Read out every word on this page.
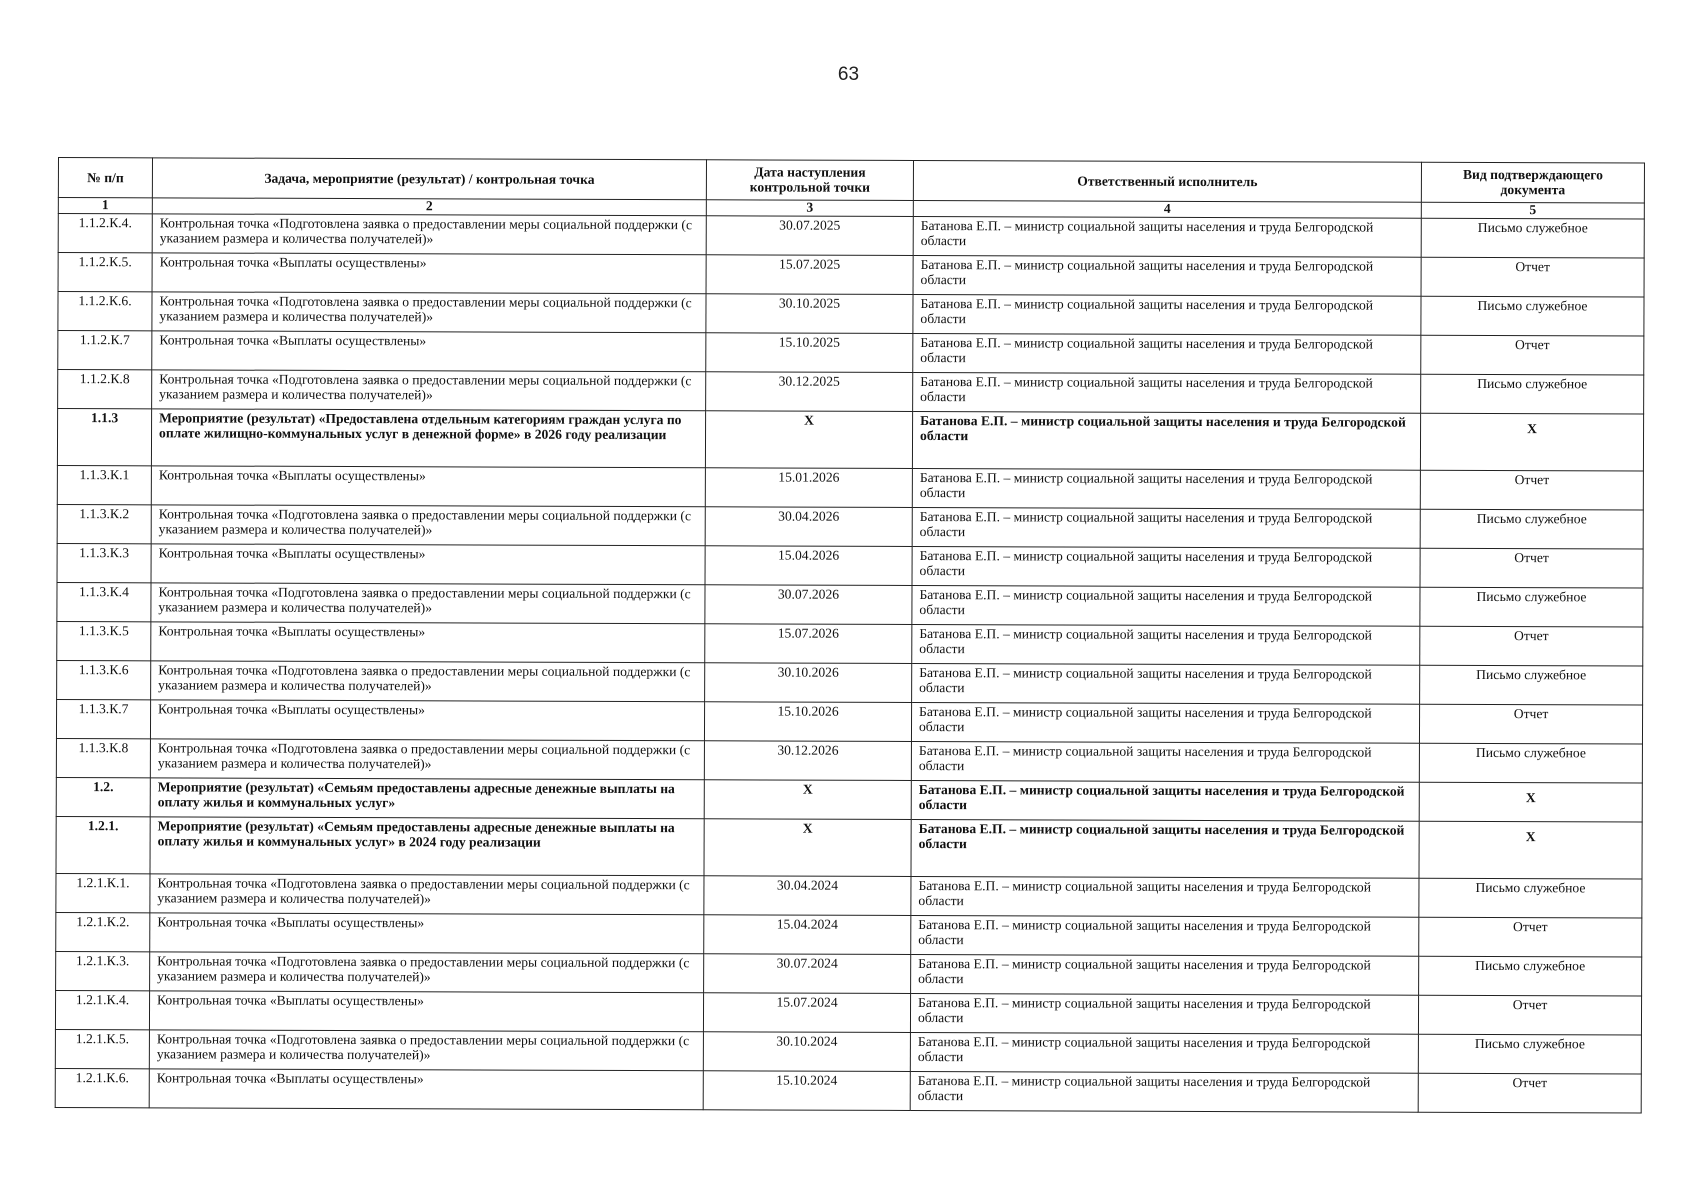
63
№ п/п	Задача, мероприятие (результат) / контрольная точка	Дата наступления контрольной точки	Ответственный исполнитель	Вид подтверждающего документа
1	2	3	4	5
1.1.2.К.4.	Контрольная точка «Подготовлена заявка о предоставлении меры социальной поддержки (с указанием размера и количества получателей)»	30.07.2025	Батанова Е.П. – министр социальной защиты населения и труда Белгородской области	Письмо служебное
1.1.2.К.5.	Контрольная точка «Выплаты осуществлены»	15.07.2025	Батанова Е.П. – министр социальной защиты населения и труда Белгородской области	Отчет
1.1.2.К.6.	Контрольная точка «Подготовлена заявка о предоставлении меры социальной поддержки (с указанием размера и количества получателей)»	30.10.2025	Батанова Е.П. – министр социальной защиты населения и труда Белгородской области	Письмо служебное
1.1.2.К.7	Контрольная точка «Выплаты осуществлены»	15.10.2025	Батанова Е.П. – министр социальной защиты населения и труда Белгородской области	Отчет
1.1.2.К.8	Контрольная точка «Подготовлена заявка о предоставлении меры социальной поддержки (с указанием размера и количества получателей)»	30.12.2025	Батанова Е.П. – министр социальной защиты населения и труда Белгородской области	Письмо служебное
1.1.3	Мероприятие (результат) «Предоставлена отдельным категориям граждан услуга по оплате жилищно-коммунальных услуг в денежной форме» в 2026 году реализации	Х	Батанова Е.П. – министр социальной защиты населения и труда Белгородской области	Х
1.1.3.К.1	Контрольная точка «Выплаты осуществлены»	15.01.2026	Батанова Е.П. – министр социальной защиты населения и труда Белгородской области	Отчет
1.1.3.К.2	Контрольная точка «Подготовлена заявка о предоставлении меры социальной поддержки (с указанием размера и количества получателей)»	30.04.2026	Батанова Е.П. – министр социальной защиты населения и труда Белгородской области	Письмо служебное
1.1.3.К.3	Контрольная точка «Выплаты осуществлены»	15.04.2026	Батанова Е.П. – министр социальной защиты населения и труда Белгородской области	Отчет
1.1.3.К.4	Контрольная точка «Подготовлена заявка о предоставлении меры социальной поддержки (с указанием размера и количества получателей)»	30.07.2026	Батанова Е.П. – министр социальной защиты населения и труда Белгородской области	Письмо служебное
1.1.3.К.5	Контрольная точка «Выплаты осуществлены»	15.07.2026	Батанова Е.П. – министр социальной защиты населения и труда Белгородской области	Отчет
1.1.3.К.6	Контрольная точка «Подготовлена заявка о предоставлении меры социальной поддержки (с указанием размера и количества получателей)»	30.10.2026	Батанова Е.П. – министр социальной защиты населения и труда Белгородской области	Письмо служебное
1.1.3.К.7	Контрольная точка «Выплаты осуществлены»	15.10.2026	Батанова Е.П. – министр социальной защиты населения и труда Белгородской области	Отчет
1.1.3.К.8	Контрольная точка «Подготовлена заявка о предоставлении меры социальной поддержки (с указанием размера и количества получателей)»	30.12.2026	Батанова Е.П. – министр социальной защиты населения и труда Белгородской области	Письмо служебное
1.2.	Мероприятие (результат) «Семьям предоставлены адресные денежные выплаты на оплату жилья и коммунальных услуг»	Х	Батанова Е.П. – министр социальной защиты населения и труда Белгородской области	Х
1.2.1.	Мероприятие (результат) «Семьям предоставлены адресные денежные выплаты на оплату жилья и коммунальных услуг» в 2024 году реализации	Х	Батанова Е.П. – министр социальной защиты населения и труда Белгородской области	Х
1.2.1.К.1.	Контрольная точка «Подготовлена заявка о предоставлении меры социальной поддержки (с указанием размера и количества получателей)»	30.04.2024	Батанова Е.П. – министр социальной защиты населения и труда Белгородской области	Письмо служебное
1.2.1.К.2.	Контрольная точка «Выплаты осуществлены»	15.04.2024	Батанова Е.П. – министр социальной защиты населения и труда Белгородской области	Отчет
1.2.1.К.3.	Контрольная точка «Подготовлена заявка о предоставлении меры социальной поддержки (с указанием размера и количества получателей)»	30.07.2024	Батанова Е.П. – министр социальной защиты населения и труда Белгородской области	Письмо служебное
1.2.1.К.4.	Контрольная точка «Выплаты осуществлены»	15.07.2024	Батанова Е.П. – министр социальной защиты населения и труда Белгородской области	Отчет
1.2.1.К.5.	Контрольная точка «Подготовлена заявка о предоставлении меры социальной поддержки (с указанием размера и количества получателей)»	30.10.2024	Батанова Е.П. – министр социальной защиты населения и труда Белгородской области	Письмо служебное
1.2.1.К.6.	Контрольная точка «Выплаты осуществлены»	15.10.2024	Батанова Е.П. – министр социальной защиты населения и труда Белгородской области	Отчет
